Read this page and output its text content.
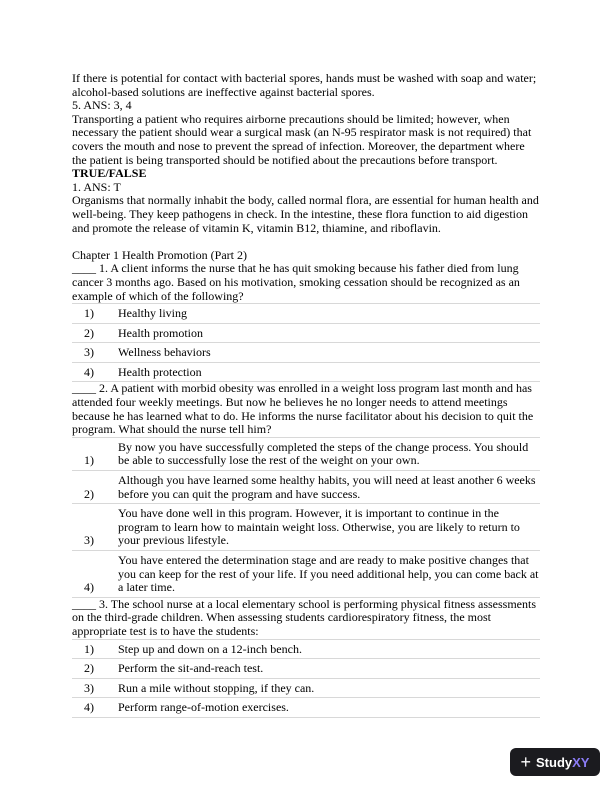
If there is potential for contact with bacterial spores, hands must be washed with soap and water; alcohol-based solutions are ineffective against bacterial spores.

5. ANS: 3, 4

Transporting a patient who requires airborne precautions should be limited; however, when necessary the patient should wear a surgical mask (an N-95 respirator mask is not required) that covers the mouth and nose to prevent the spread of infection. Moreover, the department where the patient is being transported should be notified about the precautions before transport.

TRUE/FALSE

1. ANS: T

Organisms that normally inhabit the body, called normal flora, are essential for human health and well-being. They keep pathogens in check. In the intestine, these flora function to aid digestion and promote the release of vitamin K, vitamin B12, thiamine, and riboflavin.

Chapter 1 Health Promotion (Part 2)

____ 1. A client informs the nurse that he has quit smoking because his father died from lung cancer 3 months ago. Based on his motivation, smoking cessation should be recognized as an example of which of the following?

1)	Healthy living
2)	Health promotion
3)	Wellness behaviors
4)	Health protection

____ 2. A patient with morbid obesity was enrolled in a weight loss program last month and has attended four weekly meetings. But now he believes he no longer needs to attend meetings because he has learned what to do. He informs the nurse facilitator about his decision to quit the program. What should the nurse tell him?

1)	By now you have successfully completed the steps of the change process. You should be able to successfully lose the rest of the weight on your own.
2)	Although you have learned some healthy habits, you will need at least another 6 weeks before you can quit the program and have success.
3)	You have done well in this program. However, it is important to continue in the program to learn how to maintain weight loss. Otherwise, you are likely to return to your previous lifestyle.
4)	You have entered the determination stage and are ready to make positive changes that you can keep for the rest of your life. If you need additional help, you can come back at a later time.

____ 3. The school nurse at a local elementary school is performing physical fitness assessments on the third-grade children. When assessing students cardiorespiratory fitness, the most appropriate test is to have the students:

1)	Step up and down on a 12-inch bench.
2)	Perform the sit-and-reach test.
3)	Run a mile without stopping, if they can.
4)	Perform range-of-motion exercises.
+ Study XY
